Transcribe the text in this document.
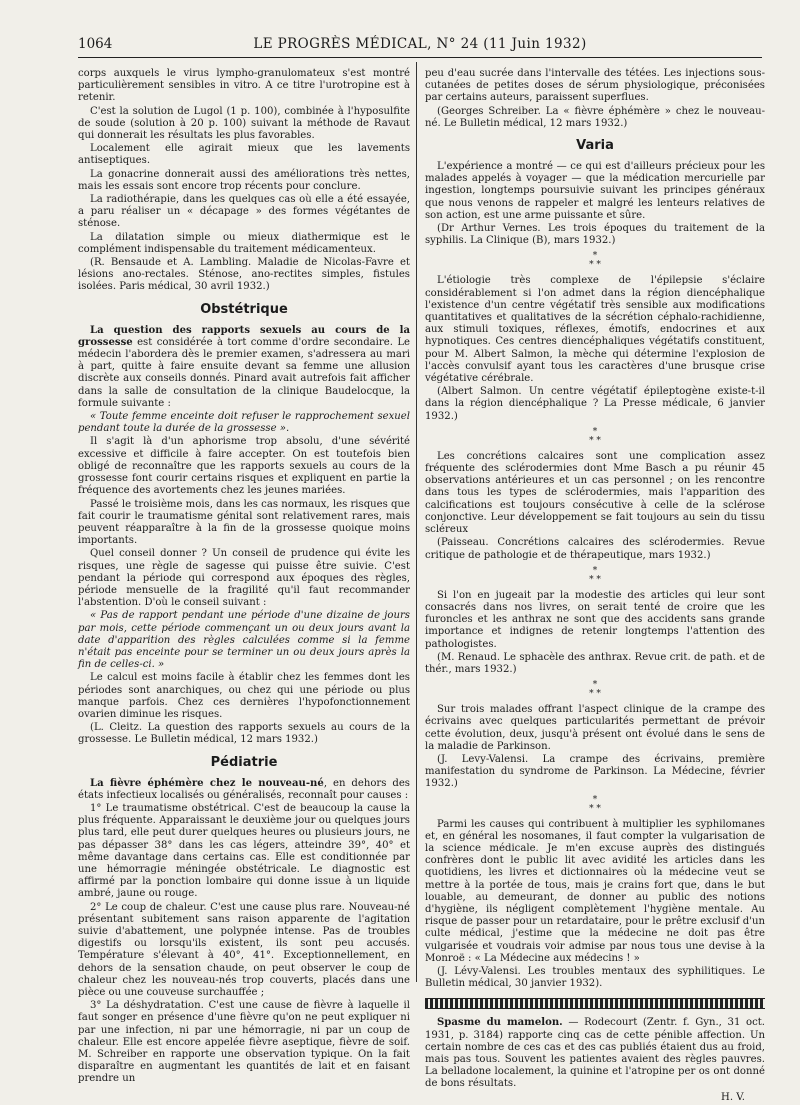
1064	LE PROGRÈS MÉDICAL, N° 24 (11 Juin 1932)

corps auxquels le virus lympho-granulomateux s'est montré particulièrement sensibles in vitro. A ce titre l'urotropine est à retenir.

C'est la solution de Lugol (1 p. 100), combinée à l'hyposulfite de soude (solution à 20 p. 100) suivant la méthode de Ravaut qui donnerait les résultats les plus favorables.

Localement elle agirait mieux que les lavements antiseptiques.

La gonacrine donnerait aussi des améliorations très nettes, mais les essais sont encore trop récents pour conclure.

La radiothérapie, dans les quelques cas où elle a été essayée, a paru réaliser un « décapage » des formes végétantes de sténose.

La dilatation simple ou mieux diathermique est le complément indispensable du traitement médicamenteux.

(R. Bensaude et A. Lambling. Maladie de Nicolas-Favre et lésions ano-rectales. Sténose, ano-rectites simples, fistules isolées. Paris médical, 30 avril 1932.)

Obstétrique

La question des rapports sexuels au cours de la grossesse est considérée à tort comme d'ordre secondaire. Le médecin l'abordera dès le premier examen, s'adressera au mari à part, quitte à faire ensuite devant sa femme une allusion discrète aux conseils donnés. Pinard avait autrefois fait afficher dans la salle de consultation de la clinique Baudelocque, la formule suivante :

« Toute femme enceinte doit refuser le rapprochement sexuel pendant toute la durée de la grossesse ».

Il s'agit là d'un aphorisme trop absolu, d'une sévérité excessive et difficile à faire accepter. On est toutefois bien obligé de reconnaître que les rapports sexuels au cours de la grossesse font courir certains risques et expliquent en partie la fréquence des avortements chez les jeunes mariées.

Passé le troisième mois, dans les cas normaux, les risques que fait courir le traumatisme génital sont relativement rares, mais peuvent réapparaître à la fin de la grossesse quoique moins importants.

Quel conseil donner ? Un conseil de prudence qui évite les risques, une règle de sagesse qui puisse être suivie. C'est pendant la période qui correspond aux époques des règles, période mensuelle de la fragilité qu'il faut recommander l'abstention. D'où le conseil suivant :

« Pas de rapport pendant une période d'une dizaine de jours par mois, cette période commençant un ou deux jours avant la date d'apparition des règles calculées comme si la femme n'était pas enceinte pour se terminer un ou deux jours après la fin de celles-ci. »

Le calcul est moins facile à établir chez les femmes dont les périodes sont anarchiques, ou chez qui une période ou plus manque parfois. Chez ces dernières l'hypofonctionnement ovarien diminue les risques.

(L. Cleitz. La question des rapports sexuels au cours de la grossesse. Le Bulletin médical, 12 mars 1932.)

Pédiatrie

La fièvre éphémère chez le nouveau-né, en dehors des états infectieux localisés ou généralisés, reconnaît pour causes :

1° Le traumatisme obstétrical. C'est de beaucoup la cause la plus fréquente. Apparaissant le deuxième jour ou quelques jours plus tard, elle peut durer quelques heures ou plusieurs jours, ne pas dépasser 38° dans les cas légers, atteindre 39°, 40° et même davantage dans certains cas. Elle est conditionnée par une hémorragie méningée obstétricale. Le diagnostic est affirmé par la ponction lombaire qui donne issue à un liquide ambré, jaune ou rouge.

2° Le coup de chaleur. C'est une cause plus rare. Nouveau-né présentant subitement sans raison apparente de l'agitation suivie d'abattement, une polypnée intense. Pas de troubles digestifs ou lorsqu'ils existent, ils sont peu accusés. Température s'élevant à 40°, 41°. Exceptionnellement, en dehors de la sensation chaude, on peut observer le coup de chaleur chez les nouveau-nés trop couverts, placés dans une pièce ou une couveuse surchauffée ;

3° La déshydratation. C'est une cause de fièvre à laquelle il faut songer en présence d'une fièvre qu'on ne peut expliquer ni par une infection, ni par une hémorragie, ni par un coup de chaleur. Elle est encore appelée fièvre aseptique, fièvre de soif. M. Schreiber en rapporte une observation typique. On la fait disparaître en augmentant les quantités de lait et en faisant prendre un

peu d'eau sucrée dans l'intervalle des tétées. Les injections sous-cutanées de petites doses de sérum physiologique, préconisées par certains auteurs, paraissent superflues.

(Georges Schreiber. La « fièvre éphémère » chez le nouveau-né. Le Bulletin médical, 12 mars 1932.)

Varia

L'expérience a montré — ce qui est d'ailleurs précieux pour les malades appelés à voyager — que la médication mercurielle par ingestion, longtemps poursuivie suivant les principes généraux que nous venons de rappeler et malgré les lenteurs relatives de son action, est une arme puissante et sûre.

(Dr Arthur Vernes. Les trois époques du traitement de la syphilis. La Clinique (B), mars 1932.)

*
* *

L'étiologie très complexe de l'épilepsie s'éclaire considérablement si l'on admet dans la région diencéphalique l'existence d'un centre végétatif très sensible aux modifications quantitatives et qualitatives de la sécrétion céphalo-rachidienne, aux stimuli toxiques, réflexes, émotifs, endocrines et aux hypnotiques. Ces centres diencéphaliques végétatifs constituent, pour M. Albert Salmon, la mèche qui détermine l'explosion de l'accès convulsif ayant tous les caractères d'une brusque crise végétative cérébrale.

(Albert Salmon. Un centre végétatif épileptogène existe-t-il dans la région diencéphalique ? La Presse médicale, 6 janvier 1932.)

*
* *

Les concrétions calcaires sont une complication assez fréquente des sclérodermies dont Mme Basch a pu réunir 45 observations antérieures et un cas personnel ; on les rencontre dans tous les types de sclérodermies, mais l'apparition des calcifications est toujours consécutive à celle de la sclérose conjonctive. Leur développement se fait toujours au sein du tissu scléreux

(Paisseau. Concrétions calcaires des sclérodermies. Revue critique de pathologie et de thérapeutique, mars 1932.)

*
* *

Si l'on en jugeait par la modestie des articles qui leur sont consacrés dans nos livres, on serait tenté de croire que les furoncles et les anthrax ne sont que des accidents sans grande importance et indignes de retenir longtemps l'attention des pathologistes.

(M. Renaud. Le sphacèle des anthrax. Revue crit. de path. et de thér., mars 1932.)

*
* *

Sur trois malades offrant l'aspect clinique de la crampe des écrivains avec quelques particularités permettant de prévoir cette évolution, deux, jusqu'à présent ont évolué dans le sens de la maladie de Parkinson.

(J. Levy-Valensi. La crampe des écrivains, première manifestation du syndrome de Parkinson. La Médecine, février 1932.)

*
* *

Parmi les causes qui contribuent à multiplier les syphilomanes et, en général les nosomanes, il faut compter la vulgarisation de la science médicale. Je m'en excuse auprès des distingués confrères dont le public lit avec avidité les articles dans les quotidiens, les livres et dictionnaires où la médecine veut se mettre à la portée de tous, mais je crains fort que, dans le but louable, au demeurant, de donner au public des notions d'hygiène, ils négligent complètement l'hygiène mentale. Au risque de passer pour un retardataire, pour le prêtre exclusif d'un culte médical, j'estime que la médecine ne doit pas être vulgarisée et voudrais voir admise par nous tous une devise à la Monroë : « La Médecine aux médecins ! »

(J. Lévy-Valensi. Les troubles mentaux des syphilitiques. Le Bulletin médical, 30 janvier 1932).

Spasme du mamelon. — Rodecourt (Zentr. f. Gyn., 31 oct. 1931, p. 3184) rapporte cinq cas de cette pénible affection. Un certain nombre de ces cas et des cas publiés étaient dus au froid, mais pas tous. Souvent les patientes avaient des règles pauvres. La belladone localement, la quinine et l'atropine per os ont donné de bons résultats.

H. V.
